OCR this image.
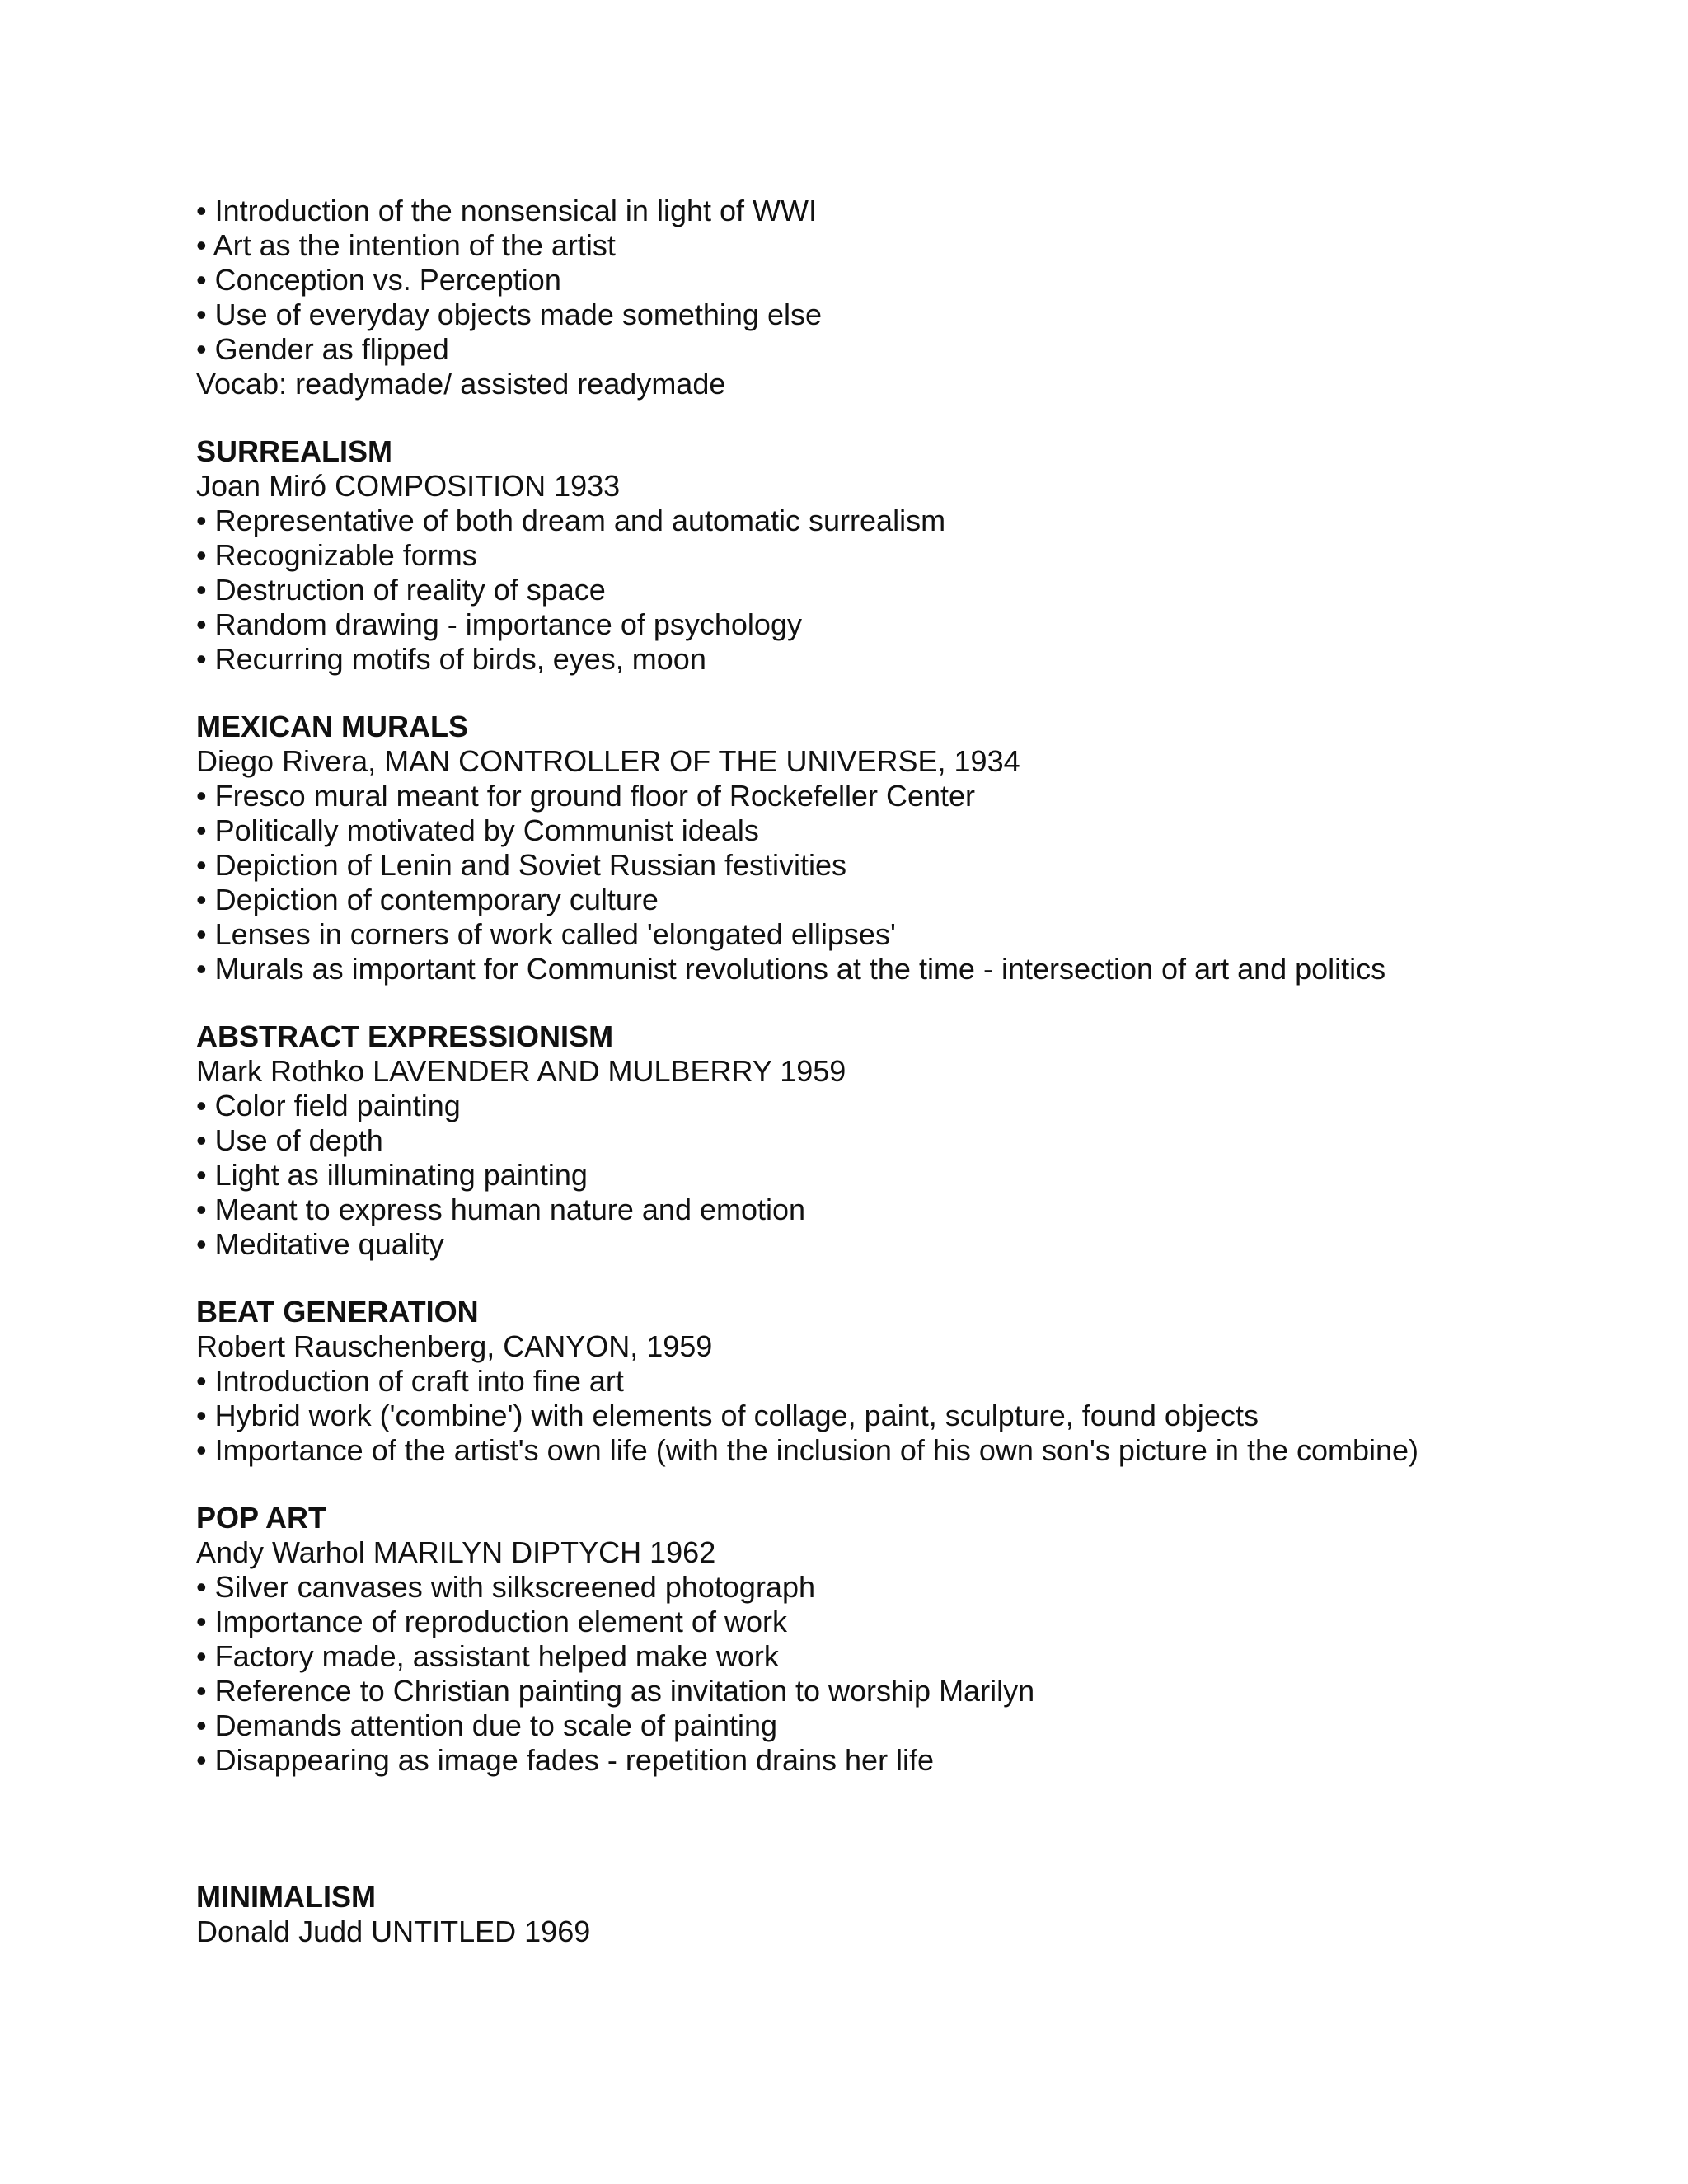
• Introduction of the nonsensical in light of WWI

• Art as the intention of the artist

• Conception vs. Perception

• Use of everyday objects made something else

• Gender as flipped

Vocab: readymade/ assisted readymade

SURREALISM

Joan Miró COMPOSITION 1933

• Representative of both dream and automatic surrealism

• Recognizable forms

• Destruction of reality of space

• Random drawing - importance of psychology

• Recurring motifs of birds, eyes, moon

MEXICAN MURALS

Diego Rivera, MAN CONTROLLER OF THE UNIVERSE, 1934

• Fresco mural meant for ground floor of Rockefeller Center

• Politically motivated by Communist ideals

• Depiction of Lenin and Soviet Russian festivities

• Depiction of contemporary culture

• Lenses in corners of work called 'elongated ellipses'

• Murals as important for Communist revolutions at the time - intersection of art and politics

ABSTRACT EXPRESSIONISM

Mark Rothko LAVENDER AND MULBERRY 1959

• Color field painting

• Use of depth

• Light as illuminating painting

• Meant to express human nature and emotion

• Meditative quality

BEAT GENERATION

Robert Rauschenberg, CANYON, 1959

• Introduction of craft into fine art

• Hybrid work ('combine') with elements of collage, paint, sculpture, found objects

• Importance of the artist's own life (with the inclusion of his own son's picture in the combine)

POP ART

Andy Warhol MARILYN DIPTYCH 1962

• Silver canvases with silkscreened photograph

• Importance of reproduction element of work

• Factory made, assistant helped make work

• Reference to Christian painting as invitation to worship Marilyn

• Demands attention due to scale of painting

• Disappearing as image fades - repetition drains her life

MINIMALISM

Donald Judd UNTITLED 1969
